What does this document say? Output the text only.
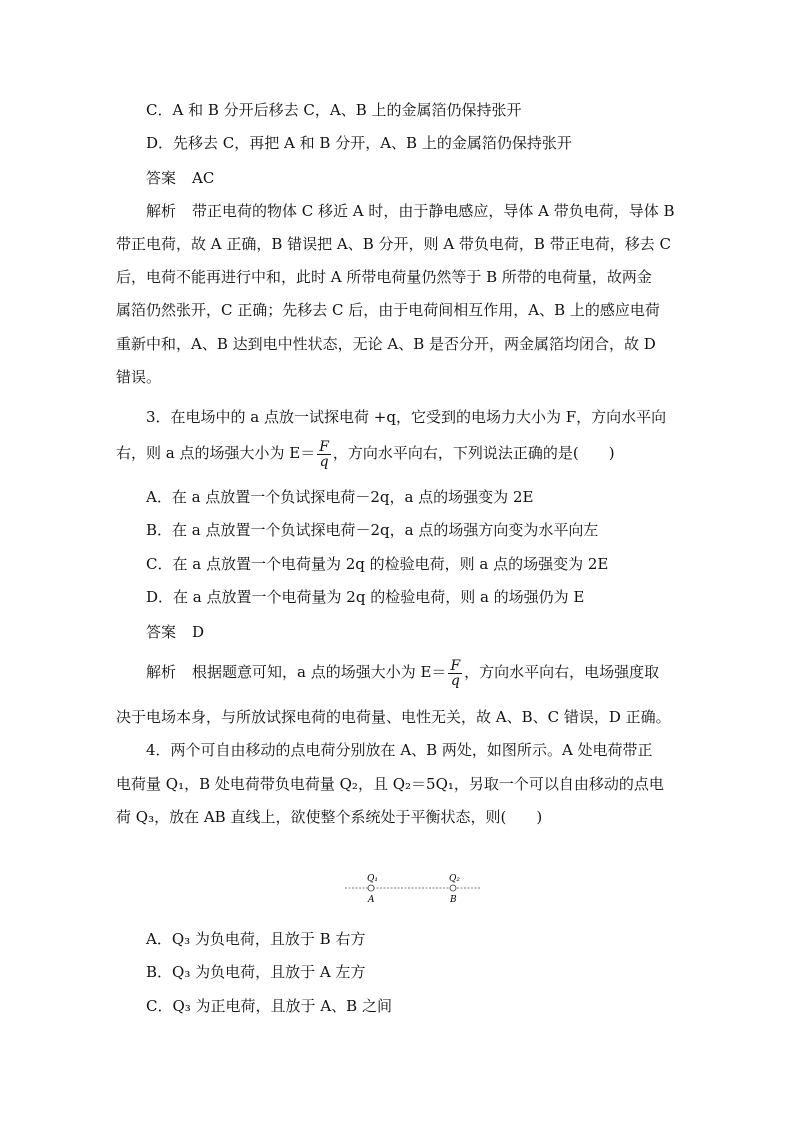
C．A 和 B 分开后移去 C，A、B 上的金属箔仍保持张开
D．先移去 C，再把 A 和 B 分开，A、B 上的金属箔仍保持张开
答案 AC
解析 带正电荷的物体 C 移近 A 时，由于静电感应，导体 A 带负电荷，导体 B
带正电荷，故 A 正确，B 错误把 A、B 分开，则 A 带负电荷，B 带正电荷，移去 C
后，电荷不能再进行中和，此时 A 所带电荷量仍然等于 B 所带的电荷量，故两金
属箔仍然张开，C 正确；先移去 C 后，由于电荷间相互作用，A、B 上的感应电荷
重新中和，A、B 达到电中性状态，无论 A、B 是否分开，两金属箔均闭合，故 D
错误。
3．在电场中的 a 点放一试探电荷 +q，它受到的电场力大小为 F，方向水平向
右，则 a 点的场强大小为 $E= \frac{F}{q}$ ，方向水平向右，下列说法正确的是(　　)
A．在 a 点放置一个负试探电荷－2q，a 点的场强变为 2E
B．在 a 点放置一个负试探电荷－2q，a 点的场强方向变为水平向左
C．在 a 点放置一个电荷量为 2q 的检验电荷，则 a 点的场强变为 2E
D．在 a 点放置一个电荷量为 2q 的检验电荷，则 a 的场强仍为 E
答案 D
解析 根据题意可知，a 点的场强大小为 $E= \frac{F}{q}$ ，方向水平向右，电场强度取
决于电场本身，与所放试探电荷的电荷量、电性无关，故 A、B、C 错误，D 正确。
4．两个可自由移动的点电荷分别放在 A、B 两处，如图所示。A 处电荷带正
电荷量 Q₁，B 处电荷带负电荷量 Q₂，且 Q₂＝5Q₁，另取一个可以自由移动的点电
荷 Q₃，放在 AB 直线上，欲使整个系统处于平衡状态，则(　　)
Q₁	Q₂
A	B
A．Q₃ 为负电荷，且放于 B 右方
B．Q₃ 为负电荷，且放于 A 左方
C．Q₃ 为正电荷，且放于 A、B 之间
